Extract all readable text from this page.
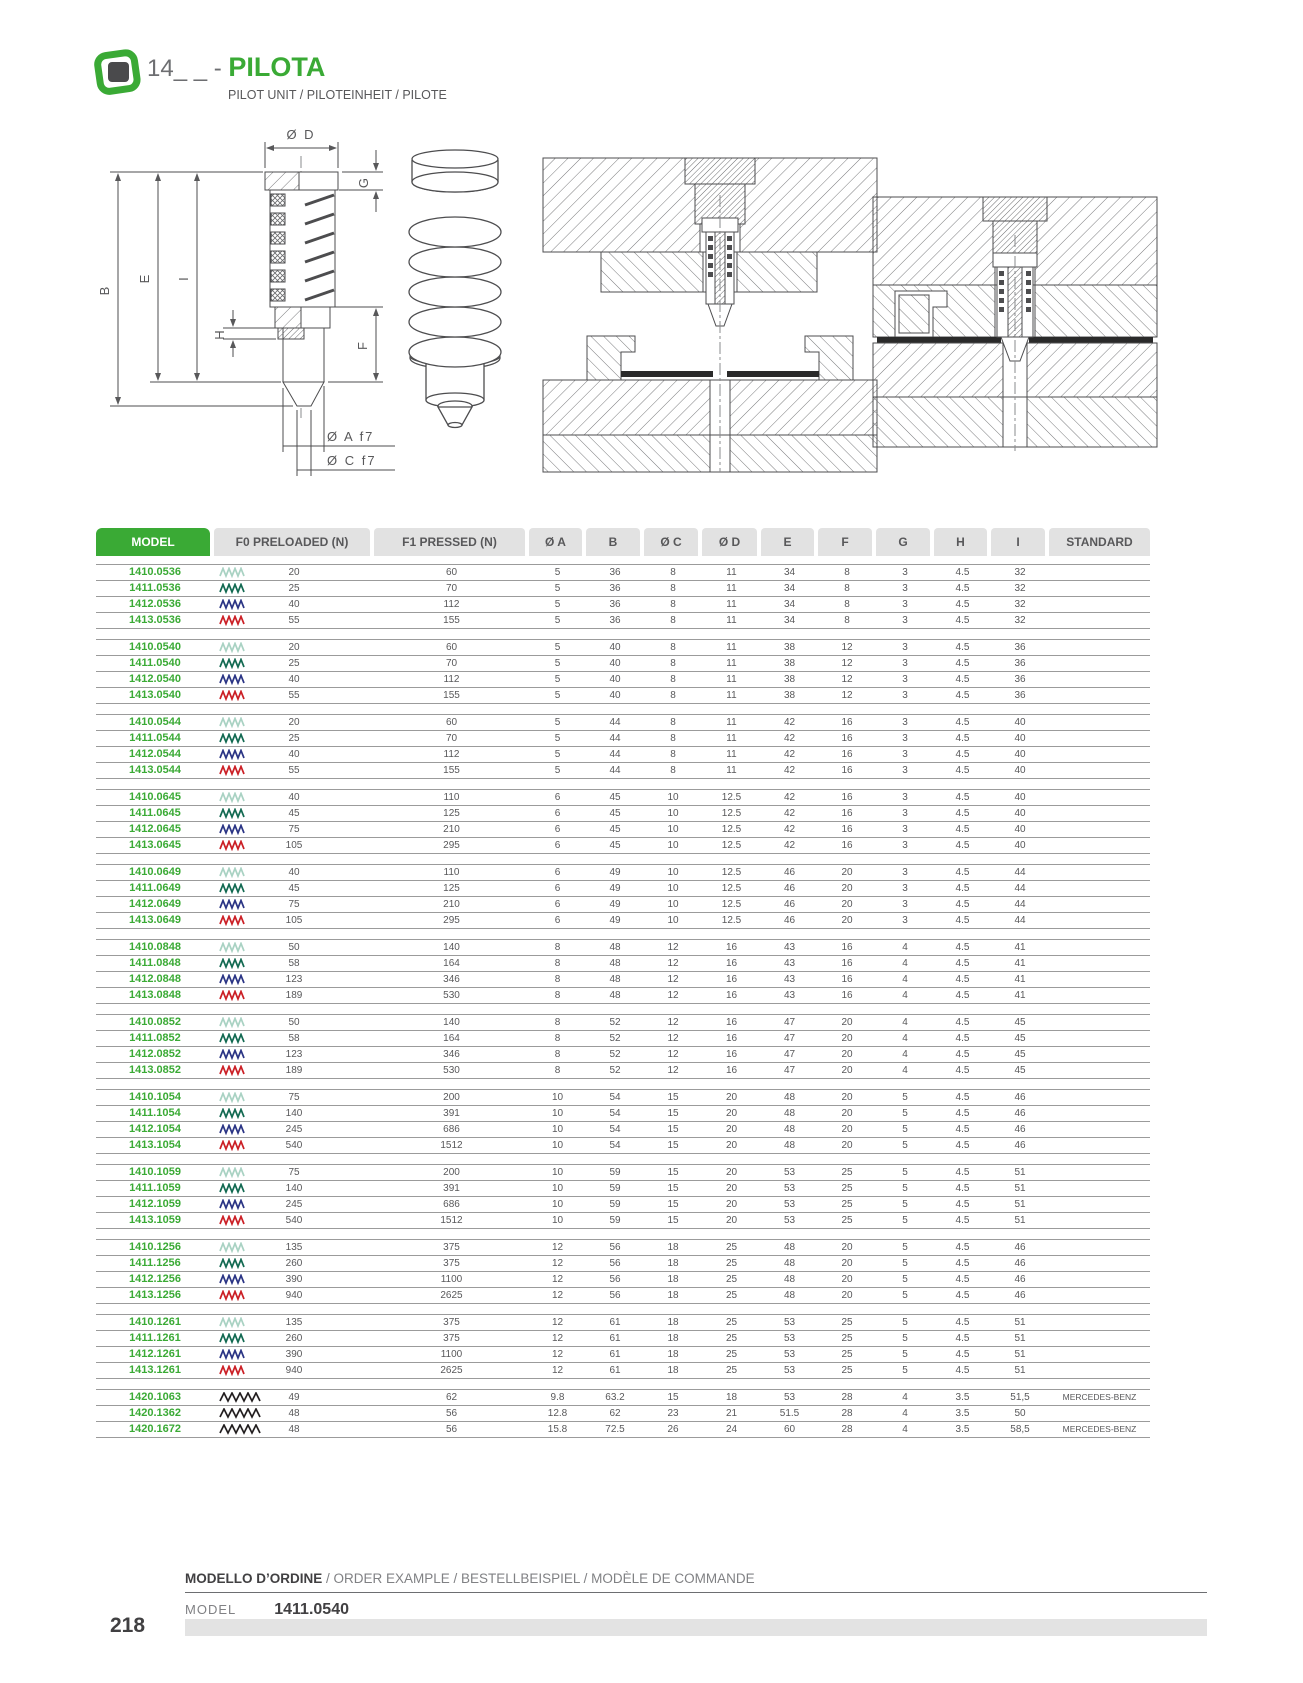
14_ _ - PILOTA
PILOT UNIT / PILOTEINHEIT / PILOTE
Ø D
G
B
E I
H
F
Ø A f7
Ø C f7
MODEL	F0 PRELOADED (N)	F1 PRESSED (N)	Ø A	B	Ø C	Ø D	E	F	G	H	I	STANDARD
1410.0536	20	60	5	36	8	11	34	8	3	4.5	32
1411.0536	25	70	5	36	8	11	34	8	3	4.5	32
1412.0536	40	112	5	36	8	11	34	8	3	4.5	32
1413.0536	55	155	5	36	8	11	34	8	3	4.5	32
1410.0540	20	60	5	40	8	11	38	12	3	4.5	36
1411.0540	25	70	5	40	8	11	38	12	3	4.5	36
1412.0540	40	112	5	40	8	11	38	12	3	4.5	36
1413.0540	55	155	5	40	8	11	38	12	3	4.5	36
1410.0544	20	60	5	44	8	11	42	16	3	4.5	40
1411.0544	25	70	5	44	8	11	42	16	3	4.5	40
1412.0544	40	112	5	44	8	11	42	16	3	4.5	40
1413.0544	55	155	5	44	8	11	42	16	3	4.5	40
1410.0645	40	110	6	45	10	12.5	42	16	3	4.5	40
1411.0645	45	125	6	45	10	12.5	42	16	3	4.5	40
1412.0645	75	210	6	45	10	12.5	42	16	3	4.5	40
1413.0645	105	295	6	45	10	12.5	42	16	3	4.5	40
1410.0649	40	110	6	49	10	12.5	46	20	3	4.5	44
1411.0649	45	125	6	49	10	12.5	46	20	3	4.5	44
1412.0649	75	210	6	49	10	12.5	46	20	3	4.5	44
1413.0649	105	295	6	49	10	12.5	46	20	3	4.5	44
1410.0848	50	140	8	48	12	16	43	16	4	4.5	41
1411.0848	58	164	8	48	12	16	43	16	4	4.5	41
1412.0848	123	346	8	48	12	16	43	16	4	4.5	41
1413.0848	189	530	8	48	12	16	43	16	4	4.5	41
1410.0852	50	140	8	52	12	16	47	20	4	4.5	45
1411.0852	58	164	8	52	12	16	47	20	4	4.5	45
1412.0852	123	346	8	52	12	16	47	20	4	4.5	45
1413.0852	189	530	8	52	12	16	47	20	4	4.5	45
1410.1054	75	200	10	54	15	20	48	20	5	4.5	46
1411.1054	140	391	10	54	15	20	48	20	5	4.5	46
1412.1054	245	686	10	54	15	20	48	20	5	4.5	46
1413.1054	540	1512	10	54	15	20	48	20	5	4.5	46
1410.1059	75	200	10	59	15	20	53	25	5	4.5	51
1411.1059	140	391	10	59	15	20	53	25	5	4.5	51
1412.1059	245	686	10	59	15	20	53	25	5	4.5	51
1413.1059	540	1512	10	59	15	20	53	25	5	4.5	51
1410.1256	135	375	12	56	18	25	48	20	5	4.5	46
1411.1256	260	375	12	56	18	25	48	20	5	4.5	46
1412.1256	390	1100	12	56	18	25	48	20	5	4.5	46
1413.1256	940	2625	12	56	18	25	48	20	5	4.5	46
1410.1261	135	375	12	61	18	25	53	25	5	4.5	51
1411.1261	260	375	12	61	18	25	53	25	5	4.5	51
1412.1261	390	1100	12	61	18	25	53	25	5	4.5	51
1413.1261	940	2625	12	61	18	25	53	25	5	4.5	51
1420.1063	49	62	9.8	63.2	15	18	53	28	4	3.5	51,5	MERCEDES-BENZ
1420.1362	48	56	12.8	62	23	21	51.5	28	4	3.5	50
1420.1672	48	56	15.8	72.5	26	24	60	28	4	3.5	58,5	MERCEDES-BENZ
MODELLO D’ORDINE / ORDER EXAMPLE / BESTELLBEISPIEL / MODÈLE DE COMMANDE
MODEL 1411.0540
218
